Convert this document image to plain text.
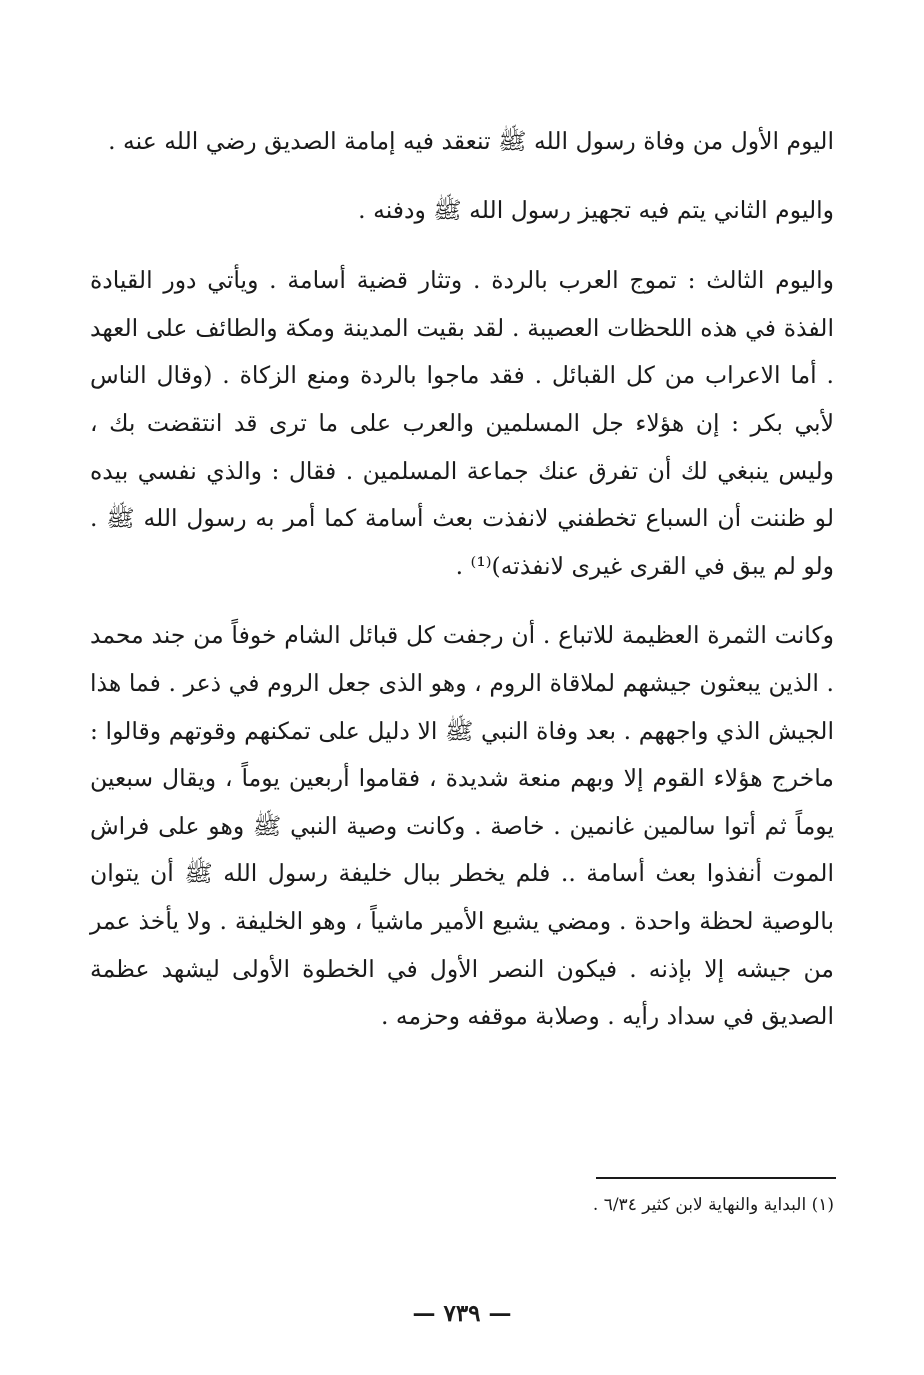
اليوم الأول من وفاة رسول الله ﷺ تنعقد فيه إمامة الصديق رضي الله عنه .

واليوم الثاني يتم فيه تجهيز رسول الله ﷺ ودفنه .

واليوم الثالث : تموج العرب بالردة . وتثار قضية أسامة . ويأتي دور القيادة الفذة في هذه اللحظات العصيبة . لقد بقيت المدينة ومكة والطائف على العهد . أما الاعراب من كل القبائل . فقد ماجوا بالردة ومنع الزكاة . (وقال الناس لأبي بكر : إن هؤلاء جل المسلمين والعرب على ما ترى قد انتقضت بك ، وليس ينبغي لك أن تفرق عنك جماعة المسلمين . فقال : والذي نفسي بيده لو ظننت أن السباع تخطفني لانفذت بعث أسامة كما أمر به رسول الله ﷺ . ولو لم يبق في القرى غيرى لانفذته)⁽¹⁾ .

وكانت الثمرة العظيمة للاتباع . أن رجفت كل قبائل الشام خوفاً من جند محمد . الذين يبعثون جيشهم لملاقاة الروم ، وهو الذى جعل الروم في ذعر . فما هذا الجيش الذي واجههم . بعد وفاة النبي ﷺ الا دليل على تمكنهم وقوتهم وقالوا : ماخرج هؤلاء القوم إلا وبهم منعة شديدة ، فقاموا أربعين يوماً ، ويقال سبعين يوماً ثم أتوا سالمين غانمين . خاصة . وكانت وصية النبي ﷺ وهو على فراش الموت أنفذوا بعث أسامة .. فلم يخطر ببال خليفة رسول الله ﷺ أن يتوان بالوصية لحظة واحدة . ومضي يشيع الأمير ماشياً ، وهو الخليفة . ولا يأخذ عمر من جيشه إلا بإذنه . فيكون النصر الأول في الخطوة الأولى ليشهد عظمة الصديق في سداد رأيه . وصلابة موقفه وحزمه .

(١) البداية والنهاية لابن كثير ٦/٣٤ .
— ٧٣٩ —
